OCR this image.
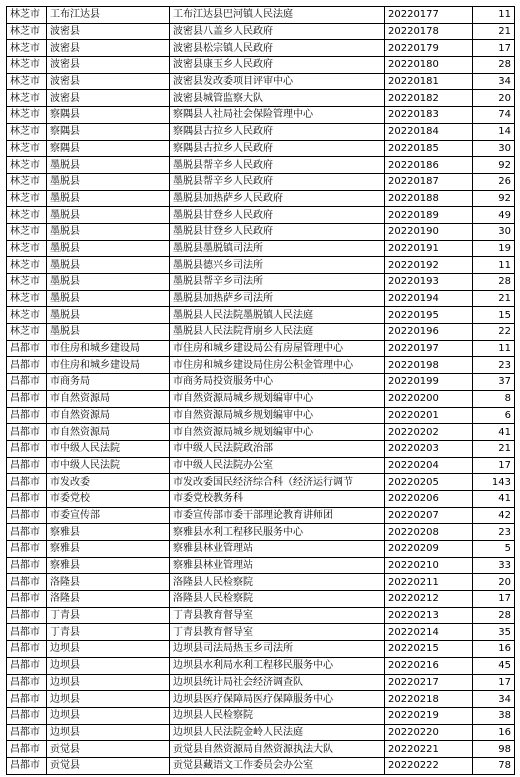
林芝市	工布江达县	工布江达县巴河镇人民法庭	20220177	11
林芝市	波密县	波密县八盖乡人民政府	20220178	21
林芝市	波密县	波密县松宗镇人民政府	20220179	17
林芝市	波密县	波密县康玉乡人民政府	20220180	28
林芝市	波密县	波密县发改委项目评审中心	20220181	34
林芝市	波密县	波密县城管监察大队	20220182	20
林芝市	察隅县	察隅县人社局社会保险管理中心	20220183	74
林芝市	察隅县	察隅县古拉乡人民政府	20220184	14
林芝市	察隅县	察隅县古拉乡人民政府	20220185	30
林芝市	墨脱县	墨脱县帮辛乡人民政府	20220186	92
林芝市	墨脱县	墨脱县帮辛乡人民政府	20220187	26
林芝市	墨脱县	墨脱县加热萨乡人民政府	20220188	92
林芝市	墨脱县	墨脱县甘登乡人民政府	20220189	49
林芝市	墨脱县	墨脱县甘登乡人民政府	20220190	30
林芝市	墨脱县	墨脱县墨脱镇司法所	20220191	19
林芝市	墨脱县	墨脱县德兴乡司法所	20220192	11
林芝市	墨脱县	墨脱县帮辛乡司法所	20220193	28
林芝市	墨脱县	墨脱县加热萨乡司法所	20220194	21
林芝市	墨脱县	墨脱县人民法院墨脱镇人民法庭	20220195	15
林芝市	墨脱县	墨脱县人民法院背崩乡人民法庭	20220196	22
昌都市	市住房和城乡建设局	市住房和城乡建设局公有房屋管理中心	20220197	11
昌都市	市住房和城乡建设局	市住房和城乡建设局住房公积金管理中心	20220198	23
昌都市	市商务局	市商务局投资服务中心	20220199	37
昌都市	市自然资源局	市自然资源局城乡规划编审中心	20220200	8
昌都市	市自然资源局	市自然资源局城乡规划编审中心	20220201	6
昌都市	市自然资源局	市自然资源局城乡规划编审中心	20220202	41
昌都市	市中级人民法院	市中级人民法院政治部	20220203	21
昌都市	市中级人民法院	市中级人民法院办公室	20220204	17
昌都市	市发改委	市发改委国民经济综合科（经济运行调节	20220205	143
昌都市	市委党校	市委党校教务科	20220206	41
昌都市	市委宣传部	市委宣传部市委干部理论教育讲师团	20220207	42
昌都市	察雅县	察雅县水利工程移民服务中心	20220208	23
昌都市	察雅县	察雅县林业管理站	20220209	5
昌都市	察雅县	察雅县林业管理站	20220210	33
昌都市	洛隆县	洛隆县人民检察院	20220211	20
昌都市	洛隆县	洛隆县人民检察院	20220212	17
昌都市	丁青县	丁青县教育督导室	20220213	28
昌都市	丁青县	丁青县教育督导室	20220214	35
昌都市	边坝县	边坝县司法局热玉乡司法所	20220215	16
昌都市	边坝县	边坝县水利局水利工程移民服务中心	20220216	45
昌都市	边坝县	边坝县统计局社会经济调查队	20220217	17
昌都市	边坝县	边坝县医疗保障局医疗保障服务中心	20220218	34
昌都市	边坝县	边坝县人民检察院	20220219	38
昌都市	边坝县	边坝县人民法院金岭人民法庭	20220220	16
昌都市	贡觉县	贡觉县自然资源局自然资源执法大队	20220221	98
昌都市	贡觉县	贡觉县藏语文工作委员会办公室	20220222	78
